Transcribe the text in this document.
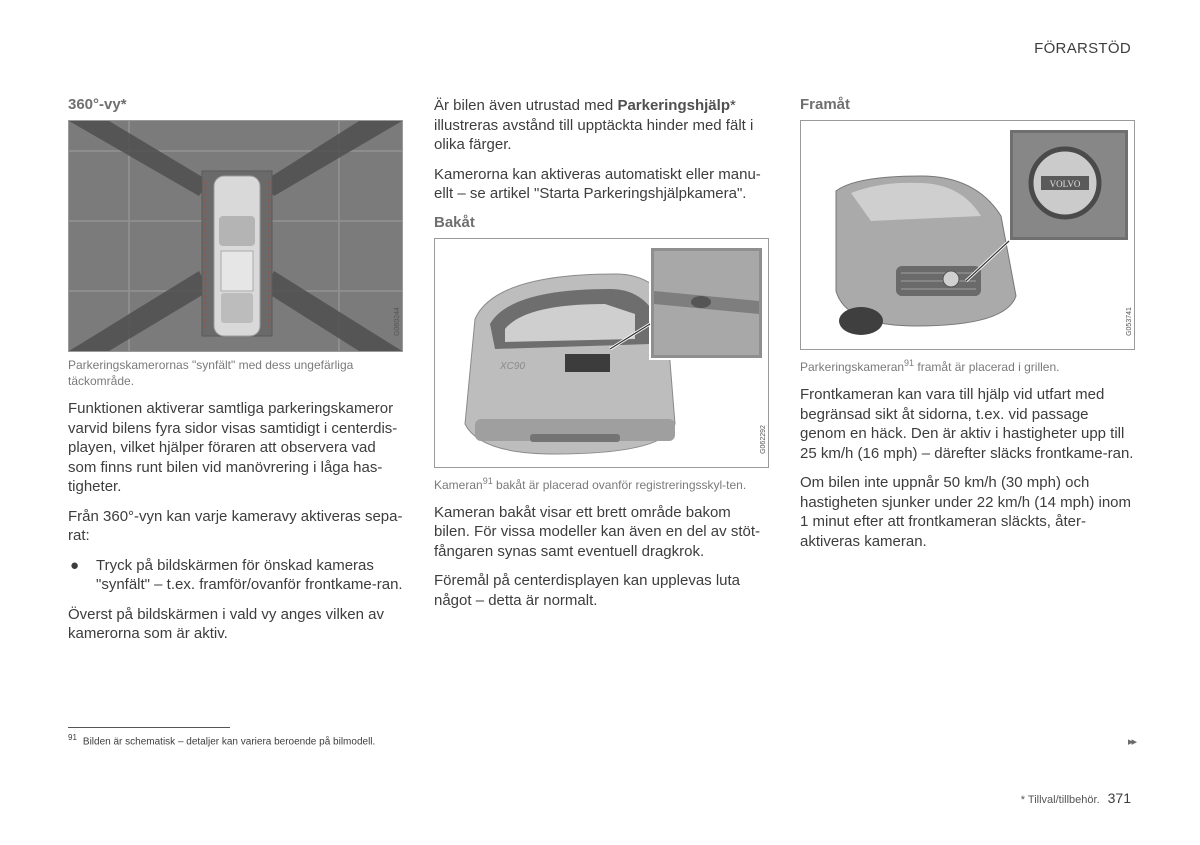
FÖRARSTÖD
360°-vy*
G060244
Parkeringskamerornas "synfält" med dess ungefärliga täckområde.

Funktionen aktiverar samtliga parkeringskameror varvid bilens fyra sidor visas samtidigt i centerdis-playen, vilket hjälper föraren att observera vad som finns runt bilen vid manövrering i låga has-tigheter.

Från 360°-vyn kan varje kameravy aktiveras sepa-rat:

● Tryck på bildskärmen för önskad kameras "synfält" – t.ex. framför/ovanför frontkame-ran.

Överst på bildskärmen i vald vy anges vilken av kamerorna som är aktiv.

Är bilen även utrustad med Parkeringshjälp* illustreras avstånd till upptäckta hinder med fält i olika färger.

Kamerorna kan aktiveras automatiskt eller manu-ellt – se artikel "Starta Parkeringshjälpkamera".

Bakåt
XC90
G062292
Kameran$^{91}$ bakåt är placerad ovanför registreringsskyl-ten.

Kameran bakåt visar ett brett område bakom bilen. För vissa modeller kan även en del av stöt-fångaren synas samt eventuell dragkrok.

Föremål på centerdisplayen kan upplevas luta något – detta är normalt.

Framåt
VOLVO
G053741
Parkeringskameran$^{91}$ framåt är placerad i grillen.

Frontkameran kan vara till hjälp vid utfart med begränsad sikt åt sidorna, t.ex. vid passage genom en häck. Den är aktiv i hastigheter upp till 25 km/h (16 mph) – därefter släcks frontkame-ran.

Om bilen inte uppnår 50 km/h (30 mph) och hastigheten sjunker under 22 km/h (14 mph) inom 1 minut efter att frontkameran släckts, åter-aktiveras kameran.

$^{91}$ Bilden är schematisk – detaljer kan variera beroende på bilmodell.	▸▸
* Tillval/tillbehör. 371
